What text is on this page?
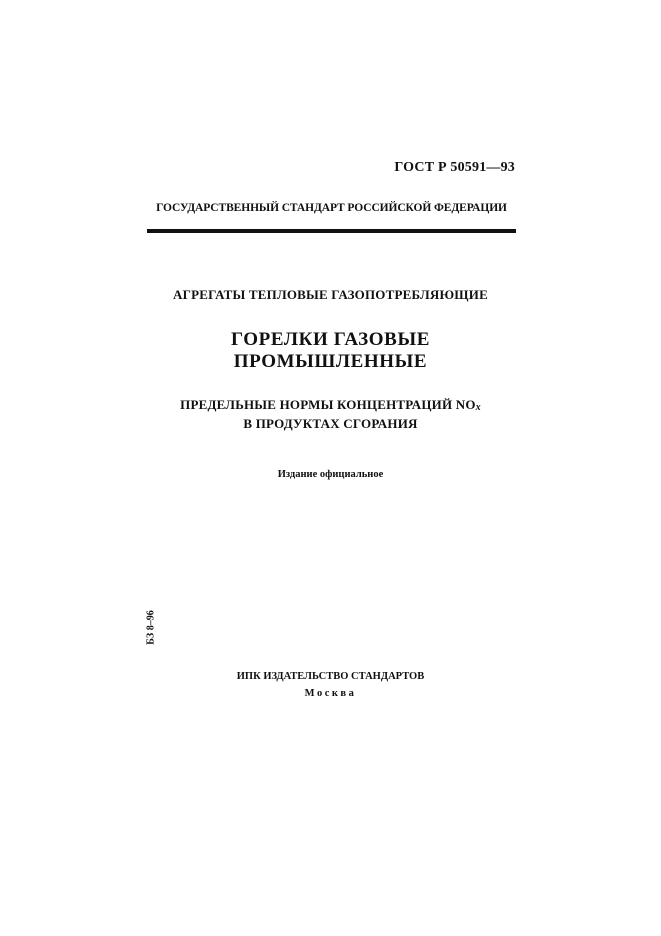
ГОСТ Р 50591—93
ГОСУДАРСТВЕННЫЙ СТАНДАРТ РОССИЙСКОЙ ФЕДЕРАЦИИ
АГРЕГАТЫ ТЕПЛОВЫЕ ГАЗОПОТРЕБЛЯЮЩИЕ
ГОРЕЛКИ ГАЗОВЫЕ
ПРОМЫШЛЕННЫЕ
ПРЕДЕЛЬНЫЕ НОРМЫ КОНЦЕНТРАЦИЙ NOx
В ПРОДУКТАХ СГОРАНИЯ
Издание официальное
БЗ 8–96
ИПК ИЗДАТЕЛЬСТВО СТАНДАРТОВ
Москва
